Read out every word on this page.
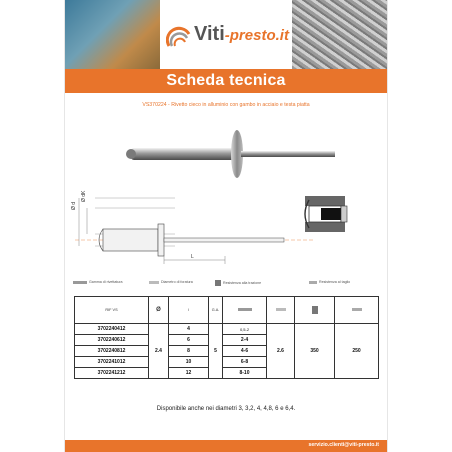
Viti-presto.it
Scheda tecnica
VS370224 - Rivetto cieco in alluminio con gambo in acciaio e testa piatta
Ø d
Ø dK
L
Gamma di rivettatura	Diametro di foratura	Resistenza alla trazione	Resistenza al taglio
RIF VS	Ø	l	G.A.				
3702240412	2.4	4	5	0,5-2	2.6	350	250
3702240612		6		2-4			
3702240812		8		4-6			
3702241012		10		6-8			
3702241212		12		8-10			
Disponibile anche nei diametri 3, 3,2, 4, 4,8, 6 e 6,4.
servizio.clienti@viti-presto.it
